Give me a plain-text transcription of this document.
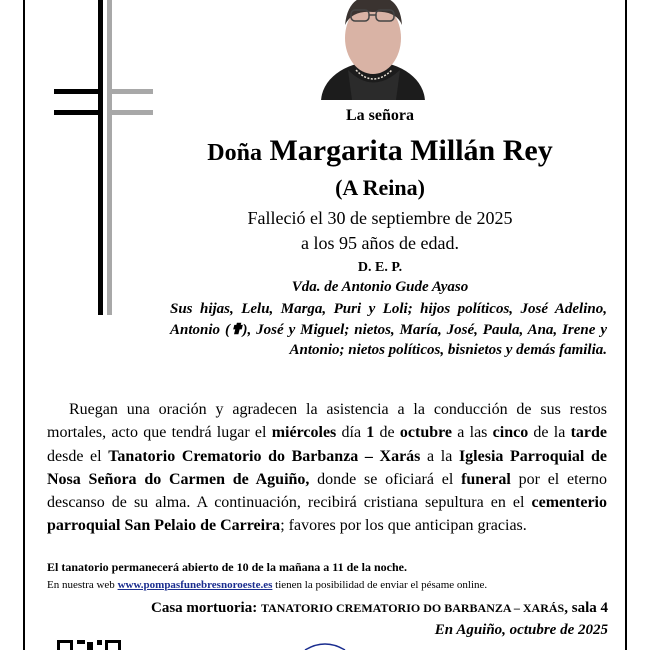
La señora
Doña Margarita Millán Rey
(A Reina)
Falleció el 30 de septiembre de 2025
a los 95 años de edad.
D. E. P.
Vda. de Antonio Gude Ayaso
Sus hijas, Lelu, Marga, Puri y Loli; hijos políticos, José Adelino, Antonio (✟), José y Miguel; nietos, María, José, Paula, Ana, Irene y Antonio; nietos políticos, bisnietos y demás familia.
Ruegan una oración y agradecen la asistencia a la conducción de sus restos mortales, acto que tendrá lugar el miércoles día 1 de octubre a las cinco de la tarde desde el Tanatorio Crematorio do Barbanza – Xarás a la Iglesia Parroquial de Nosa Señora do Carmen de Aguiño, donde se oficiará el funeral por el eterno descanso de su alma. A continuación, recibirá cristiana sepultura en el cementerio parroquial San Pelaio de Carreira; favores por los que anticipan gracias.
El tanatorio permanecerá abierto de 10 de la mañana a 11 de la noche.
En nuestra web www.pompasfunebresnoroeste.es tienen la posibilidad de enviar el pésame online.
Casa mortuoria: TANATORIO CREMATORIO DO BARBANZA – XARÁS, sala 4
En Aguiño, octubre de 2025
